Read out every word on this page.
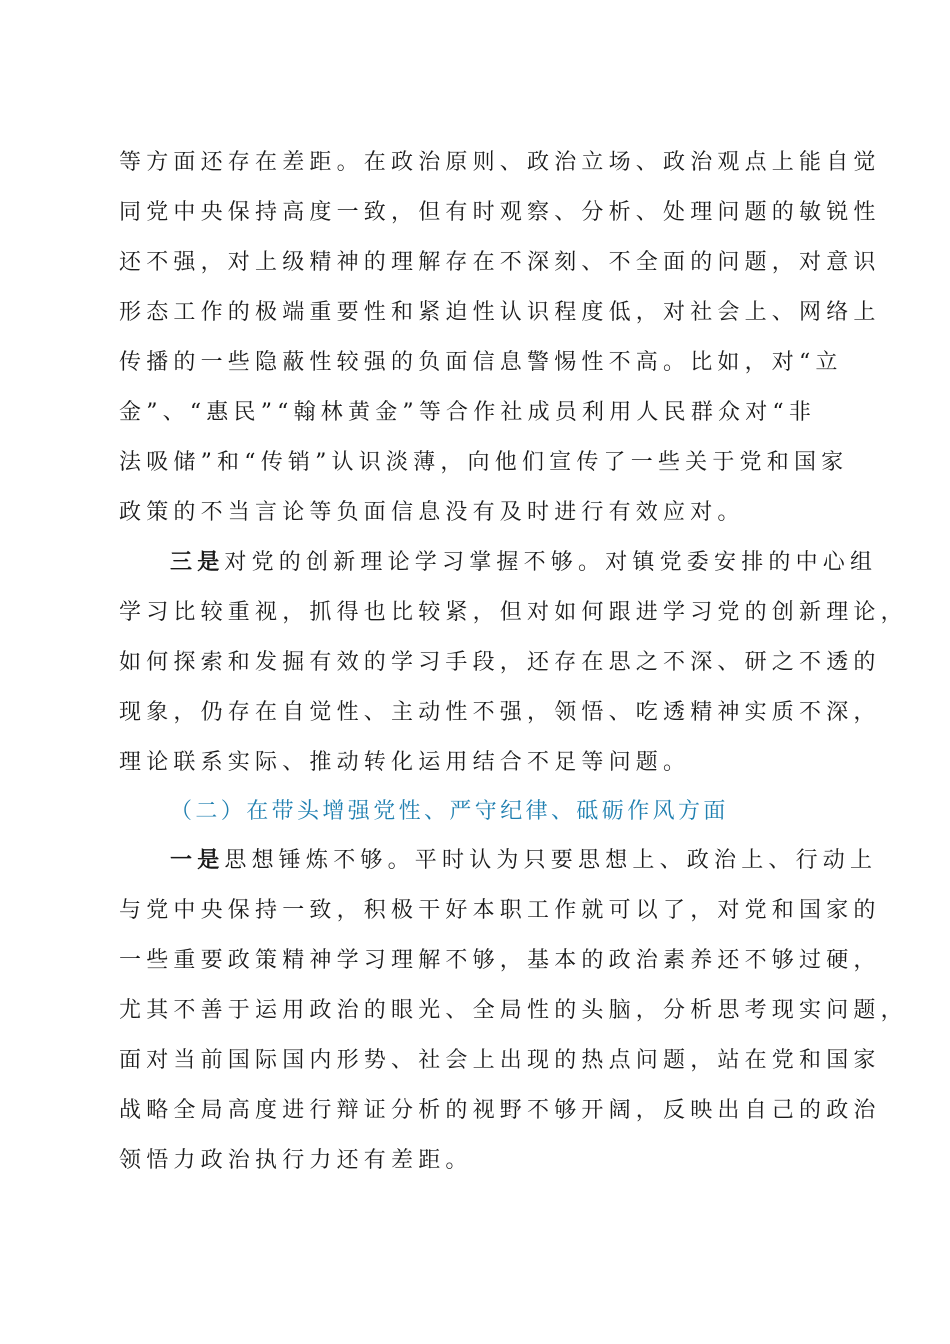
等方面还存在差距。在政治原则、政治立场、政治观点上能自觉
同党中央保持高度一致，但有时观察、分析、处理问题的敏锐性
还不强，对上级精神的理解存在不深刻、不全面的问题，对意识
形态工作的极端重要性和紧迫性认识程度低，对社会上、网络上
传播的一些隐蔽性较强的负面信息警惕性不高。比如，对“立
金”、“惠民”“翰林黄金”等合作社成员利用人民群众对“非
法吸储”和“传销”认识淡薄，向他们宣传了一些关于党和国家
政策的不当言论等负面信息没有及时进行有效应对。
三是对党的创新理论学习掌握不够。对镇党委安排的中心组
学习比较重视，抓得也比较紧，但对如何跟进学习党的创新理论，
如何探索和发掘有效的学习手段，还存在思之不深、研之不透的
现象，仍存在自觉性、主动性不强，领悟、吃透精神实质不深，
理论联系实际、推动转化运用结合不足等问题。
（二）在带头增强党性、严守纪律、砥砺作风方面
一是思想锤炼不够。平时认为只要思想上、政治上、行动上
与党中央保持一致，积极干好本职工作就可以了，对党和国家的
一些重要政策精神学习理解不够，基本的政治素养还不够过硬，
尤其不善于运用政治的眼光、全局性的头脑，分析思考现实问题，
面对当前国际国内形势、社会上出现的热点问题，站在党和国家
战略全局高度进行辩证分析的视野不够开阔，反映出自己的政治
领悟力政治执行力还有差距。
